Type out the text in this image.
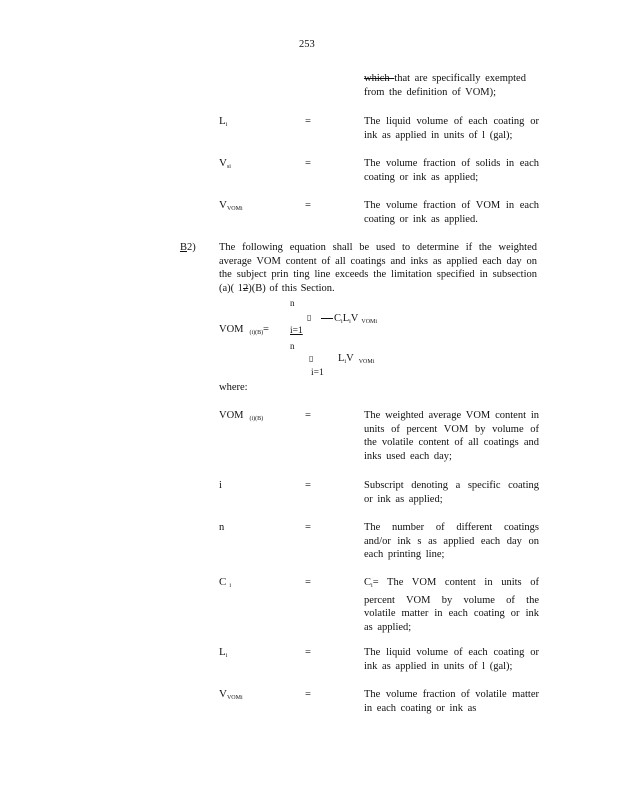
253
which that are specifically exempted
from the definition of VOM);
$L_i$	=	The liquid volume of each coating or ink as applied in units of l (gal);
$V_{si}$	=	The volume fraction of solids in each coating or ink as applied;
$V_{VOMi}$	=	The volume fraction of VOM in each coating or ink as applied.
B2) The following equation shall be used to determine if the weighted average VOM content of all coatings and inks as applied each day on the subject prin ting line exceeds the limitation specified in subsection (a)( 12)(B) of this Section.
n
▯ $C_iL_iV$ $_{VOMi}$
VOM $_{(i)(B)}$ = i=1
n
▯ $L_iV$ $_{VOMi}$
i=1
where:
VOM $_{(i)(B)}$	=	The weighted average VOM content in units of percent VOM by volume of the volatile content of all coatings and inks used each day;
i	=	Subscript denoting a specific coating or ink as applied;
n	=	The number of different coatings and/or ink s as applied each day on each printing line;
C $_i$	=	$C_i=$ The VOM content in units of percent VOM by volume of the volatile matter in each coating or ink as applied;
$L_i$	=	The liquid volume of each coating or ink as applied in units of l (gal);
$V_{VOMi}$	=	The volume fraction of volatile matter in each coating or ink as
